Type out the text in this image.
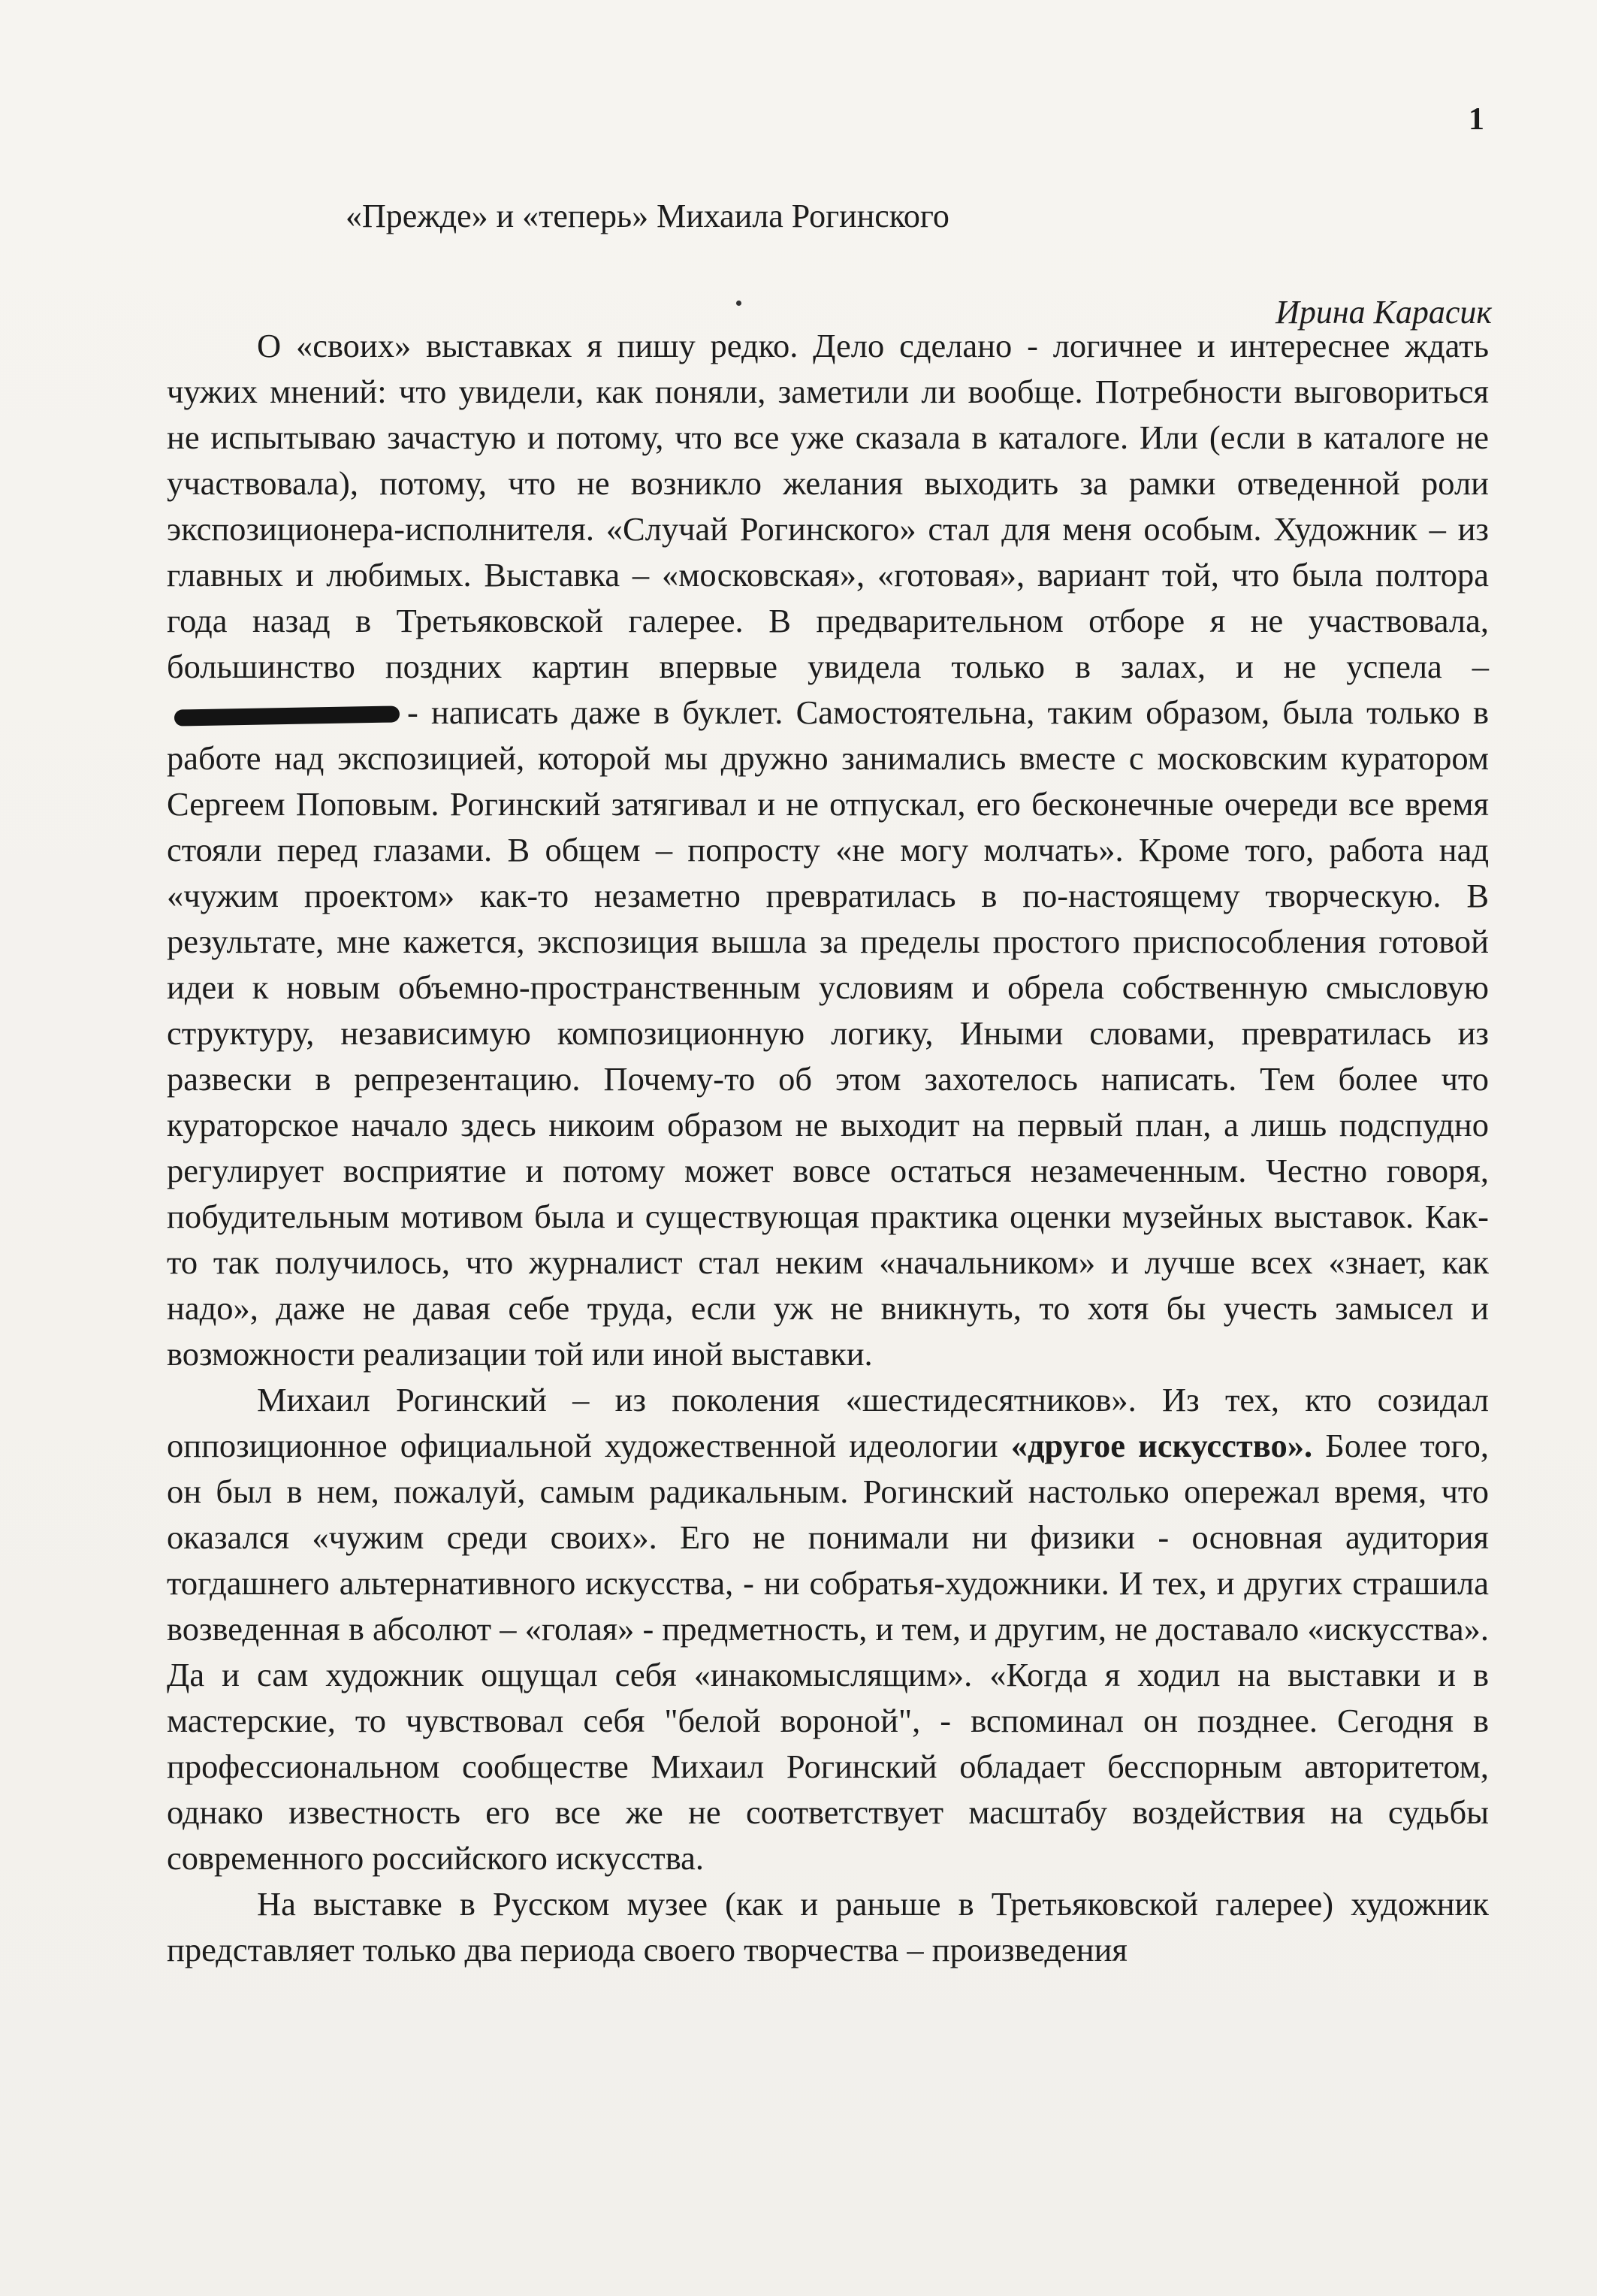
1
«Прежде» и «теперь» Михаила Рогинского
Ирина Карасик

О «своих» выставках я пишу редко. Дело сделано - логичнее и интереснее ждать чужих мнений: что увидели, как поняли, заметили ли вообще. Потребности выговориться не испытываю зачастую и потому, что все уже сказала в каталоге. Или (если в каталоге не участвовала), потому, что не возникло желания выходить за рамки отведенной роли экспозиционера-исполнителя. «Случай Рогинского» стал для меня особым. Художник – из главных и любимых. Выставка – «московская», «готовая», вариант той, что была полтора года назад в Третьяковской галерее. В предварительном отборе я не участвовала, большинство поздних картин впервые увидела только в залах, и не успела –- написать даже в буклет. Самостоятельна, таким образом, была только в работе над экспозицией, которой мы дружно занимались вместе с московским куратором Сергеем Поповым. Рогинский затягивал и не отпускал, его бесконечные очереди все время стояли перед глазами. В общем – попросту «не могу молчать». Кроме того, работа над «чужим проектом» как-то незаметно превратилась в по-настоящему творческую. В результате, мне кажется, экспозиция вышла за пределы простого приспособления готовой идеи к новым объемно-пространственным условиям и обрела собственную смысловую структуру, независимую композиционную логику, Иными словами, превратилась из развески в репрезентацию. Почему-то об этом захотелось написать. Тем более что кураторское начало здесь никоим образом не выходит на первый план, а лишь подспудно регулирует восприятие и потому может вовсе остаться незамеченным. Честно говоря, побудительным мотивом была и существующая практика оценки музейных выставок. Как-то так получилось, что журналист стал неким «начальником» и лучше всех «знает, как надо», даже не давая себе труда, если уж не вникнуть, то хотя бы учесть замысел и возможности реализации той или иной выставки.

Михаил Рогинский – из поколения «шестидесятников». Из тех, кто созидал оппозиционное официальной художественной идеологии «другое искусство». Более того, он был в нем, пожалуй, самым радикальным. Рогинский настолько опережал время, что оказался «чужим среди своих». Его не понимали ни физики - основная аудитория тогдашнего альтернативного искусства, - ни собратья-художники. И тех, и других страшила возведенная в абсолют – «голая» - предметность, и тем, и другим, не доставало «искусства». Да и сам художник ощущал себя «инакомыслящим». «Когда я ходил на выставки и в мастерские, то чувствовал себя "белой вороной", - вспоминал он позднее. Сегодня в профессиональном сообществе Михаил Рогинский обладает бесспорным авторитетом, однако известность его все же не соответствует масштабу воздействия на судьбы современного российского искусства.

На выставке в Русском музее (как и раньше в Третьяковской галерее) художник представляет только два периода своего творчества – произведения
